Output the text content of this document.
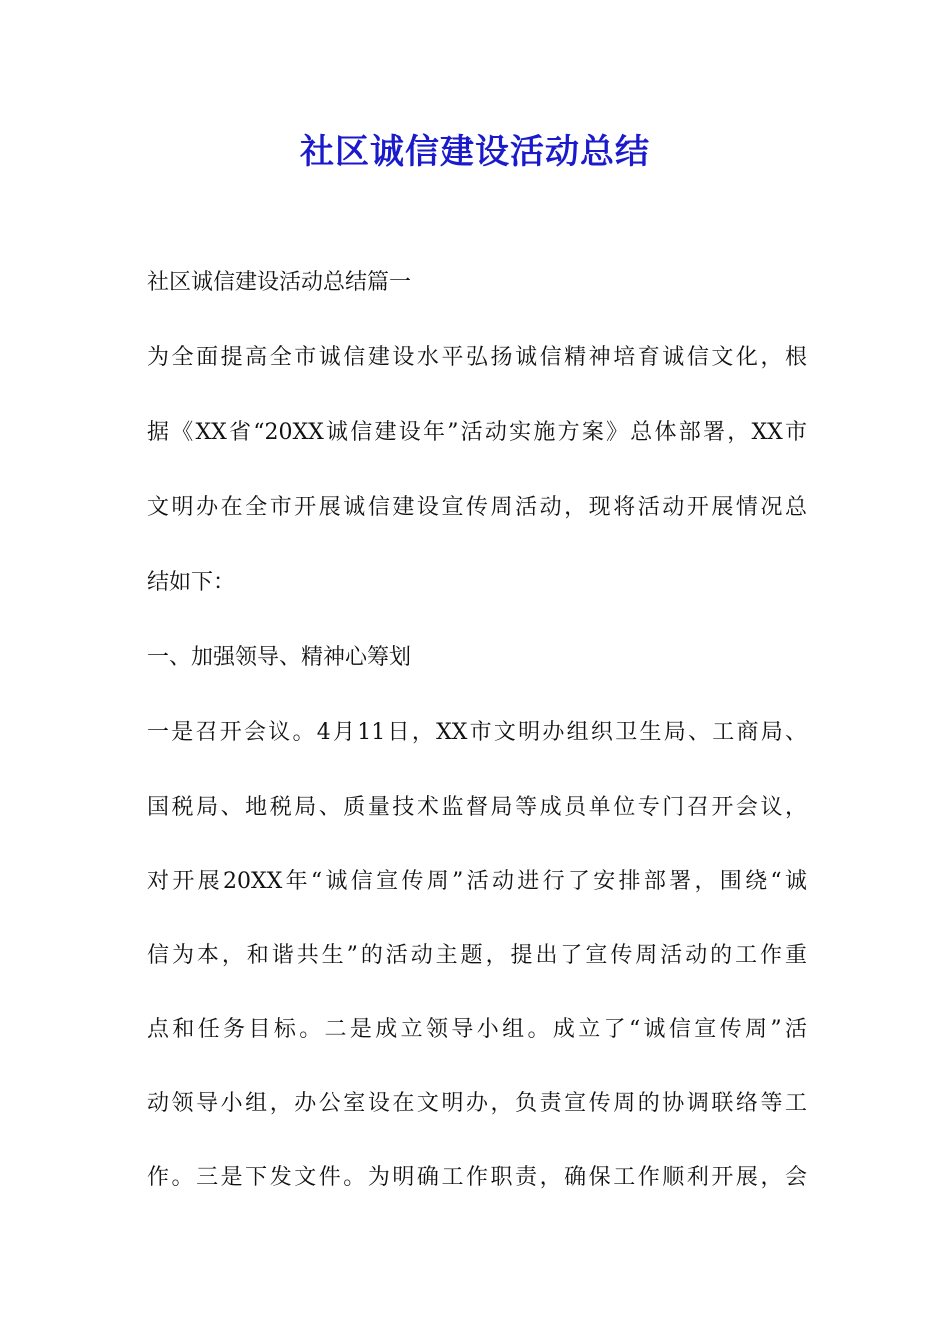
社区诚信建设活动总结
社区诚信建设活动总结篇一
为全面提高全市诚信建设水平弘扬诚信精神培育诚信文化，根
据《XX省“20XX诚信建设年”活动实施方案》总体部署，XX市
文明办在全市开展诚信建设宣传周活动，现将活动开展情况总
结如下：
一、加强领导、精神心筹划
一是召开会议。4月11日，XX市文明办组织卫生局、工商局、
国税局、地税局、质量技术监督局等成员单位专门召开会议，
对开展20XX年“诚信宣传周”活动进行了安排部署，围绕“诚
信为本，和谐共生”的活动主题，提出了宣传周活动的工作重
点和任务目标。二是成立领导小组。成立了“诚信宣传周”活
动领导小组，办公室设在文明办，负责宣传周的协调联络等工
作。三是下发文件。为明确工作职责，确保工作顺利开展，会
